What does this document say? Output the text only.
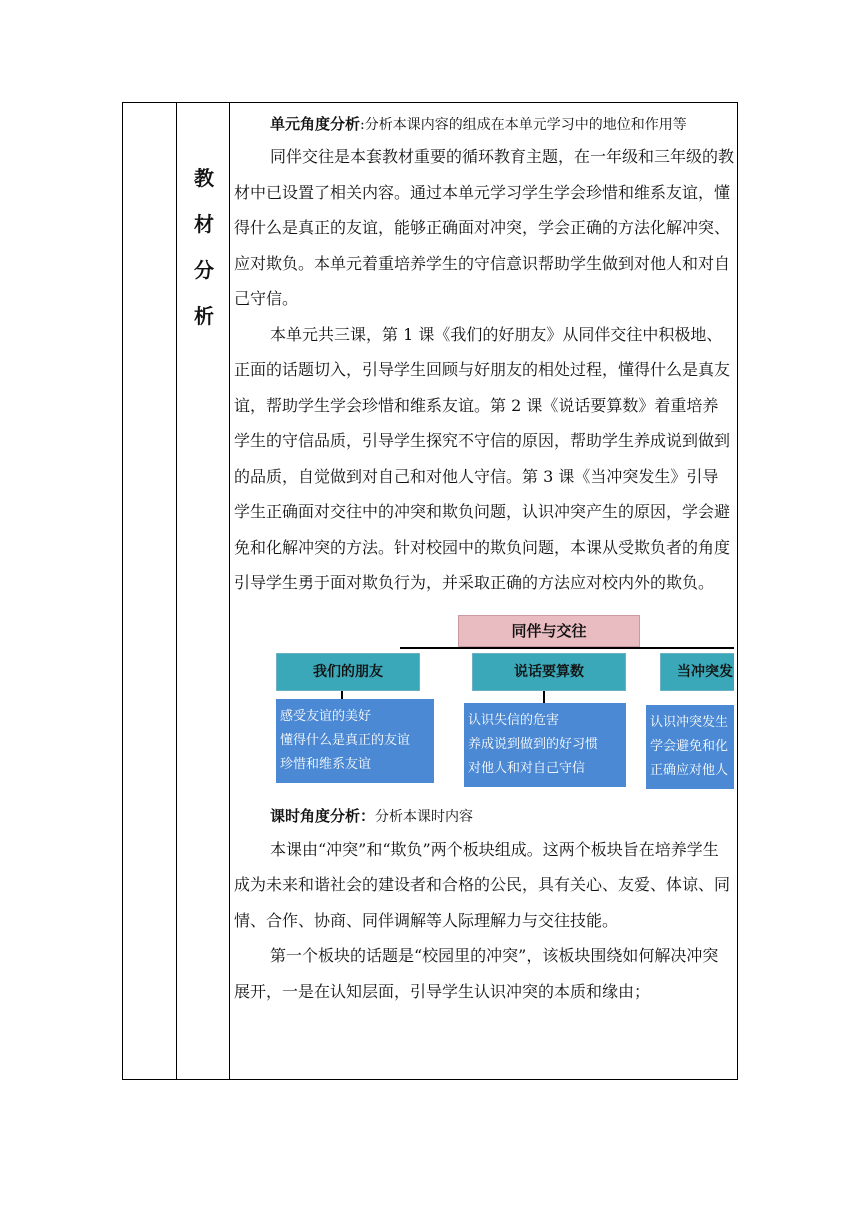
教
材
分
析

单元角度分析:分析本课内容的组成在本单元学习中的地位和作用等

同伴交往是本套教材重要的循环教育主题，在一年级和三年级的教材中已设置了相关内容。通过本单元学习学生学会珍惜和维系友谊，懂得什么是真正的友谊，能够正确面对冲突，学会正确的方法化解冲突、应对欺负。本单元着重培养学生的守信意识帮助学生做到对他人和对自己守信。

本单元共三课，第 1 课《我们的好朋友》从同伴交往中积极地、正面的话题切入，引导学生回顾与好朋友的相处过程，懂得什么是真友谊，帮助学生学会珍惜和维系友谊。第 2 课《说话要算数》着重培养学生的守信品质，引导学生探究不守信的原因，帮助学生养成说到做到的品质，自觉做到对自己和对他人守信。第 3 课《当冲突发生》引导学生正确面对交往中的冲突和欺负问题，认识冲突产生的原因，学会避免和化解冲突的方法。针对校园中的欺负问题，本课从受欺负者的角度引导学生勇于面对欺负行为，并采取正确的方法应对校内外的欺负。

同伴与交往
我们的朋友
感受友谊的美好
懂得什么是真正的友谊
珍惜和维系友谊
说话要算数
认识失信的危害
养成说到做到的好习惯
对他人和对自己守信
当冲突发
认识冲突发生
学会避免和化
正确应对他人

课时角度分析：分析本课时内容

本课由“冲突”和“欺负”两个板块组成。这两个板块旨在培养学生成为未来和谐社会的建设者和合格的公民，具有关心、友爱、体谅、同情、合作、协商、同伴调解等人际理解力与交往技能。

第一个板块的话题是“校园里的冲突”，该板块围绕如何解决冲突展开，一是在认知层面，引导学生认识冲突的本质和缘由；
